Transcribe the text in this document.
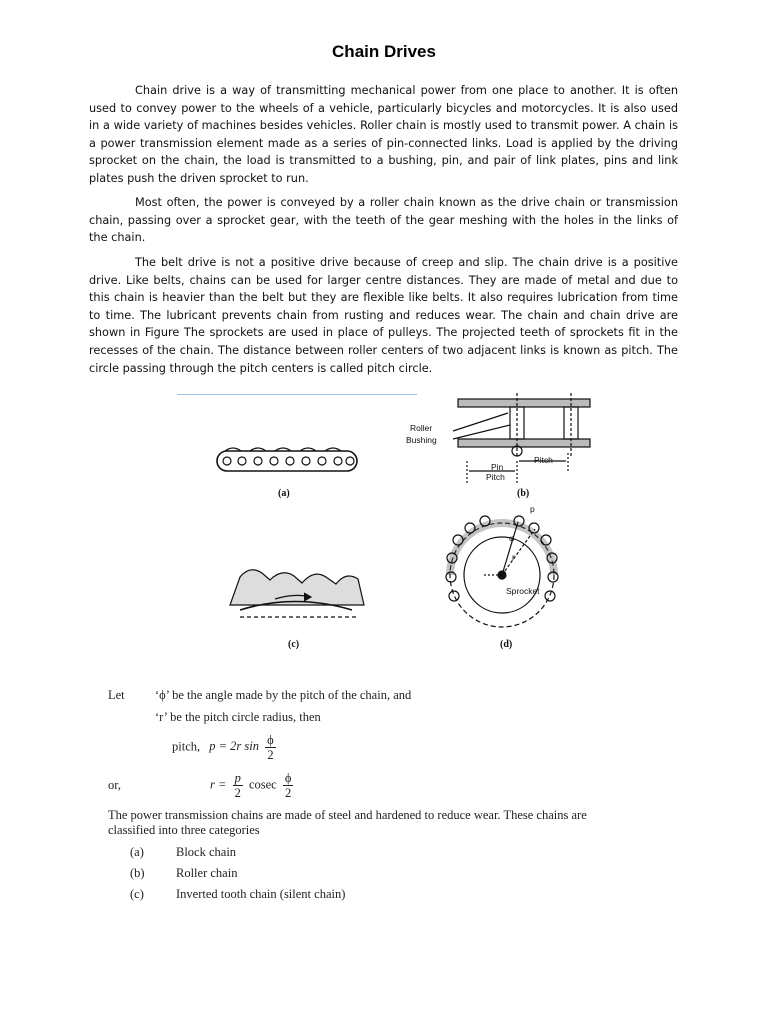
Chain Drives

Chain drive is a way of transmitting mechanical power from one place to another. It is often used to convey power to the wheels of a vehicle, particularly bicycles and motorcycles. It is also used in a wide variety of machines besides vehicles. Roller chain is mostly used to transmit power. A chain is a power transmission element made as a series of pin-connected links. Load is applied by the driving sprocket on the chain, the load is transmitted to a bushing, pin, and pair of link plates, pins and link plates push the driven sprocket to run.

Most often, the power is conveyed by a roller chain known as the drive chain or transmission chain, passing over a sprocket gear, with the teeth of the gear meshing with the holes in the links of the chain.

The belt drive is not a positive drive because of creep and slip. The chain drive is a positive drive. Like belts, chains can be used for larger centre distances. They are made of metal and due to this chain is heavier than the belt but they are flexible like belts. It also requires lubrication from time to time. The lubricant prevents chain from rusting and reduces wear. The chain and chain drive are shown in Figure The sprockets are used in place of pulleys. The projected teeth of sprockets fit in the recesses of the chain. The distance between roller centers of two adjacent links is known as pitch. The circle passing through the pitch centers is called pitch circle.

(a)
Roller
Bushing
Pin
Pitch
Pitch
(b)
(c)
p
r
φ
Sprocket
(d)
Let ‘ϕ’ be the angle made by the pitch of the chain, and
‘r’ be the pitch circle radius, then
pitch, p = 2r $\sin \frac{\phi}{2}$
or,	$r = \frac{p}{2}$ cosec $\frac{\phi}{2}$
The power transmission chains are made of steel and hardened to reduce wear. These chains are classified into three categories
(a)	Block chain
(b)	Roller chain
(c)	Inverted tooth chain (silent chain)
